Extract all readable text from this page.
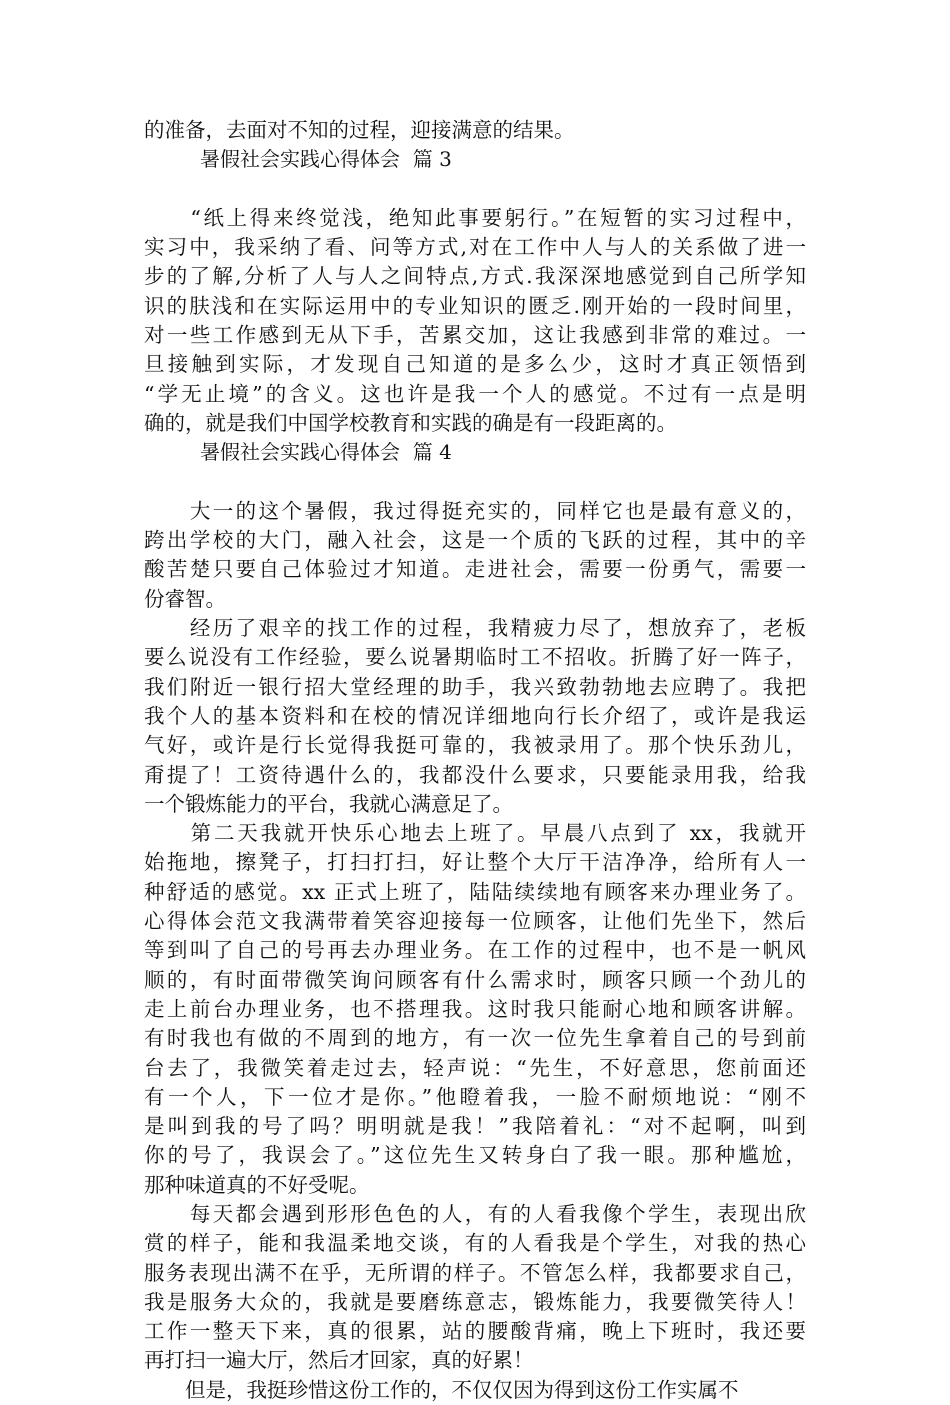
的准备，去面对不知的过程，迎接满意的结果。
暑假社会实践心得体会  篇 3
　　“纸上得来终觉浅，绝知此事要躬行。”在短暂的实习过程中，
实习中，我采纳了看、问等方式,对在工作中人与人的关系做了进一
步的了解,分析了人与人之间特点,方式.我深深地感觉到自己所学知
识的肤浅和在实际运用中的专业知识的匮乏.刚开始的一段时间里，
对一些工作感到无从下手，苦累交加，这让我感到非常的难过。一
旦接触到实际，才发现自己知道的是多么少，这时才真正领悟到
“学无止境”的含义。这也许是我一个人的感觉。不过有一点是明
确的，就是我们中国学校教育和实践的确是有一段距离的。
暑假社会实践心得体会  篇 4
　　大一的这个暑假，我过得挺充实的，同样它也是最有意义的，
跨出学校的大门，融入社会，这是一个质的飞跃的过程，其中的辛
酸苦楚只要自己体验过才知道。走进社会，需要一份勇气，需要一
份睿智。
　　经历了艰辛的找工作的过程，我精疲力尽了，想放弃了，老板
要么说没有工作经验，要么说暑期临时工不招收。折腾了好一阵子，
我们附近一银行招大堂经理的助手，我兴致勃勃地去应聘了。我把
我个人的基本资料和在校的情况详细地向行长介绍了，或许是我运
气好，或许是行长觉得我挺可靠的，我被录用了。那个快乐劲儿，
甭提了！工资待遇什么的，我都没什么要求，只要能录用我，给我
一个锻炼能力的平台，我就心满意足了。
　　第二天我就开快乐心地去上班了。早晨八点到了 xx，我就开
始拖地，擦凳子，打扫打扫，好让整个大厅干洁净净，给所有人一
种舒适的感觉。xx 正式上班了，陆陆续续地有顾客来办理业务了。
心得体会范文我满带着笑容迎接每一位顾客，让他们先坐下，然后
等到叫了自己的号再去办理业务。在工作的过程中，也不是一帆风
顺的，有时面带微笑询问顾客有什么需求时，顾客只顾一个劲儿的
走上前台办理业务，也不搭理我。这时我只能耐心地和顾客讲解。
有时我也有做的不周到的地方，有一次一位先生拿着自己的号到前
台去了，我微笑着走过去，轻声说：“先生，不好意思，您前面还
有一个人，下一位才是你。”他瞪着我，一脸不耐烦地说：“刚不
是叫到我的号了吗？明明就是我！”我陪着礼：“对不起啊，叫到
你的号了，我误会了。”这位先生又转身白了我一眼。那种尴尬，
那种味道真的不好受呢。
　　每天都会遇到形形色色的人，有的人看我像个学生，表现出欣
赏的样子，能和我温柔地交谈，有的人看我是个学生，对我的热心
服务表现出满不在乎，无所谓的样子。不管怎么样，我都要求自己，
我是服务大众的，我就是要磨练意志，锻炼能力，我要微笑待人！
工作一整天下来，真的很累，站的腰酸背痛，晚上下班时，我还要
再打扫一遍大厅，然后才回家，真的好累！
　　但是，我挺珍惜这份工作的，不仅仅因为得到这份工作实属不
